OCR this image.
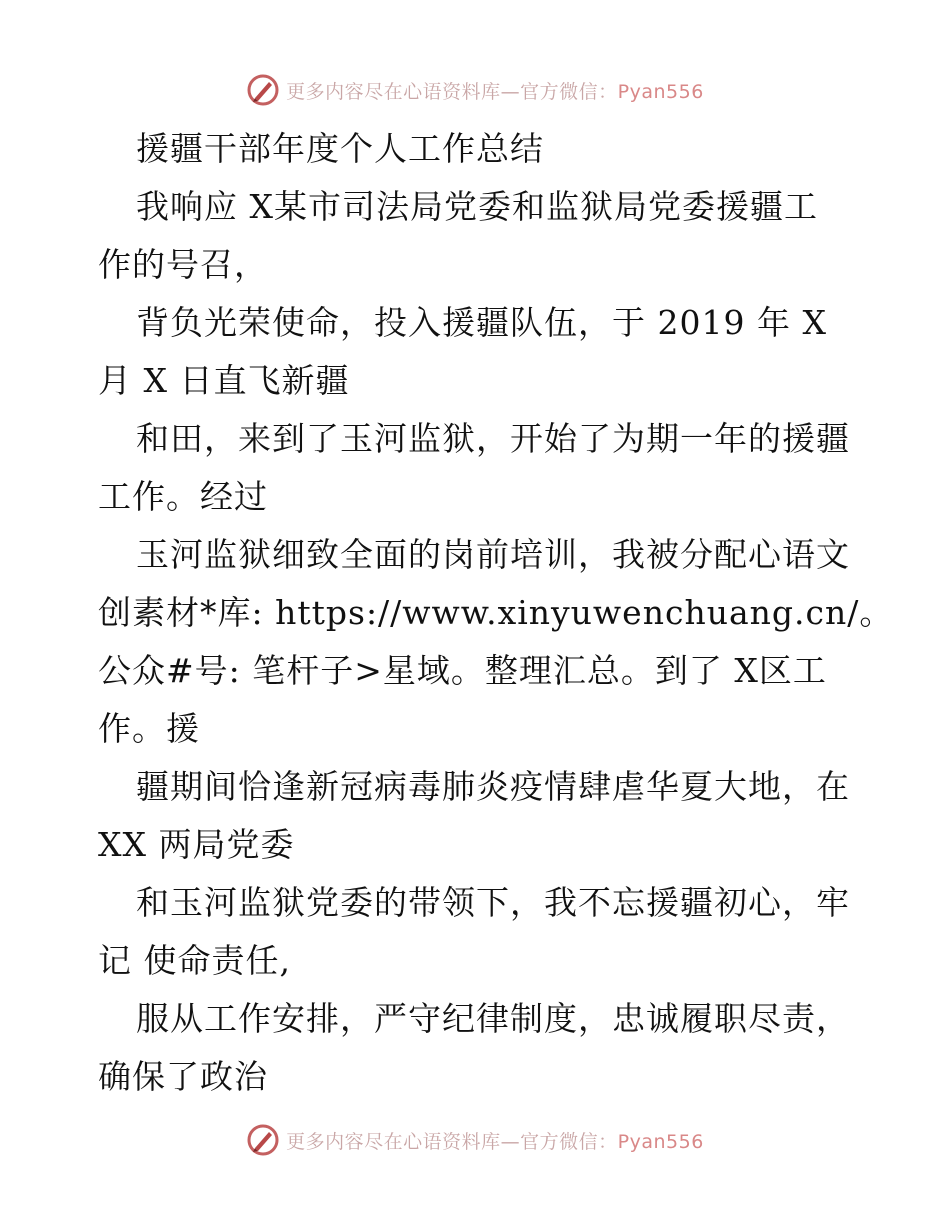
更多内容尽在心语资料库—官方微信：Pyan556
援疆干部年度个人工作总结
我响应 X某市司法局党委和监狱局党委援疆工
作的号召，
背负光荣使命，投入援疆队伍，于 2019 年 X
月 X 日直飞新疆
和田，来到了玉河监狱，开始了为期一年的援疆
工作。经过
玉河监狱细致全面的岗前培训，我被分配心语文
创素材*库: https://www.xinyuwenchuang.cn/。
公众#号: 笔杆子>星域。整理汇总。到了 X区工
作。援
疆期间恰逢新冠病毒肺炎疫情肆虐华夏大地，在
XX 两局党委
和玉河监狱党委的带领下，我不忘援疆初心，牢
记 使命责任,
服从工作安排，严守纪律制度，忠诚履职尽责，
确保了政治
更多内容尽在心语资料库—官方微信：Pyan556
